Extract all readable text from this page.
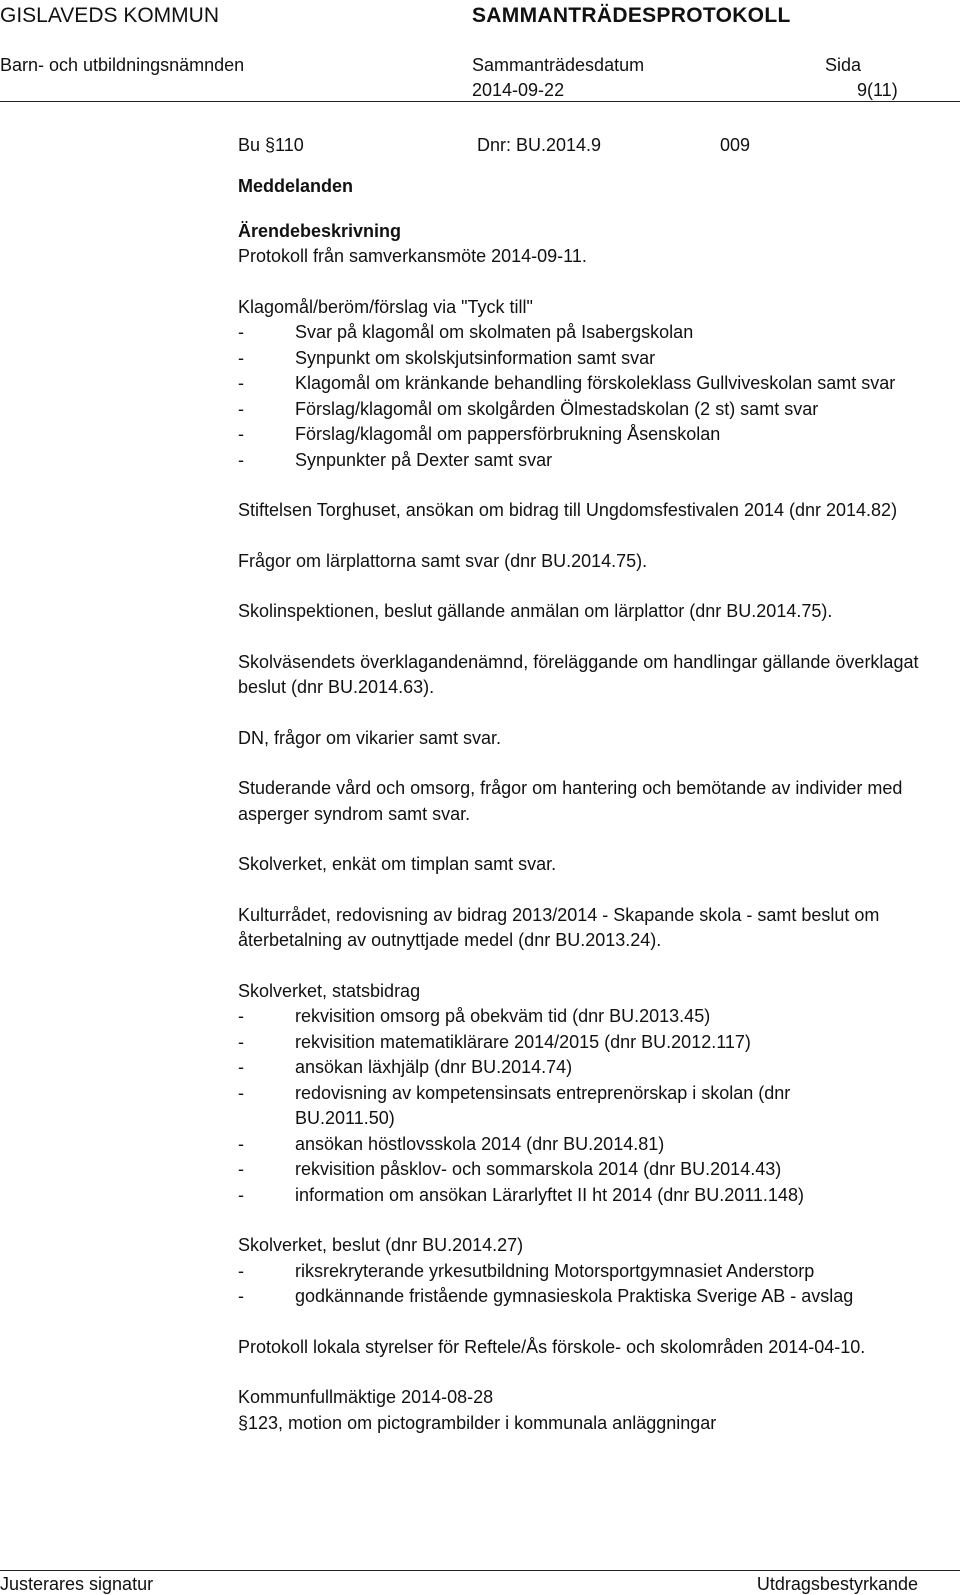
GISLAVEDS KOMMUN	SAMMANTRÄDESPROTOKOLL
Barn- och utbildningsnämnden	Sammanträdesdatum
2014-09-22
Sida
9(11)
Bu §110	Dnr: BU.2014.9	009
Meddelanden
Ärendebeskrivning

Protokoll från samverkansmöte 2014-09-11.

Klagomål/beröm/förslag via "Tyck till"

- Svar på klagomål om skolmaten på Isabergskolan
- Synpunkt om skolskjutsinformation samt svar
- Klagomål om kränkande behandling förskoleklass Gullviveskolan samt svar
- Förslag/klagomål om skolgården Ölmestadskolan (2 st) samt svar
- Förslag/klagomål om pappersförbrukning Åsenskolan
- Synpunkter på Dexter samt svar

Stiftelsen Torghuset, ansökan om bidrag till Ungdomsfestivalen 2014 (dnr 2014.82)

Frågor om lärplattorna samt svar (dnr BU.2014.75).

Skolinspektionen, beslut gällande anmälan om lärplattor (dnr BU.2014.75).

Skolväsendets överklagandenämnd, föreläggande om handlingar gällande överklagat beslut (dnr BU.2014.63).

DN, frågor om vikarier samt svar.

Studerande vård och omsorg, frågor om hantering och bemötande av individer med asperger syndrom samt svar.

Skolverket, enkät om timplan samt svar.

Kulturrådet, redovisning av bidrag 2013/2014 - Skapande skola - samt beslut om återbetalning av outnyttjade medel (dnr BU.2013.24).

Skolverket, statsbidrag

- rekvisition omsorg på obekväm tid (dnr BU.2013.45)
- rekvisition matematiklärare 2014/2015 (dnr BU.2012.117)
- ansökan läxhjälp (dnr BU.2014.74)
- redovisning av kompetensinsats entreprenörskap i skolan (dnr BU.2011.50)
- ansökan höstlovsskola 2014 (dnr BU.2014.81)
- rekvisition påsklov- och sommarskola 2014 (dnr BU.2014.43)
- information om ansökan Lärarlyftet II ht 2014 (dnr BU.2011.148)

Skolverket, beslut (dnr BU.2014.27)

- riksrekryterande yrkesutbildning Motorsportgymnasiet Anderstorp
- godkännande fristående gymnasieskola Praktiska Sverige AB - avslag

Protokoll lokala styrelser för Reftele/Ås förskole- och skolområden 2014-04-10.

Kommunfullmäktige 2014-08-28

§123, motion om pictogrambilder i kommunala anläggningar

Justerares signatur	Utdragsbestyrkande
